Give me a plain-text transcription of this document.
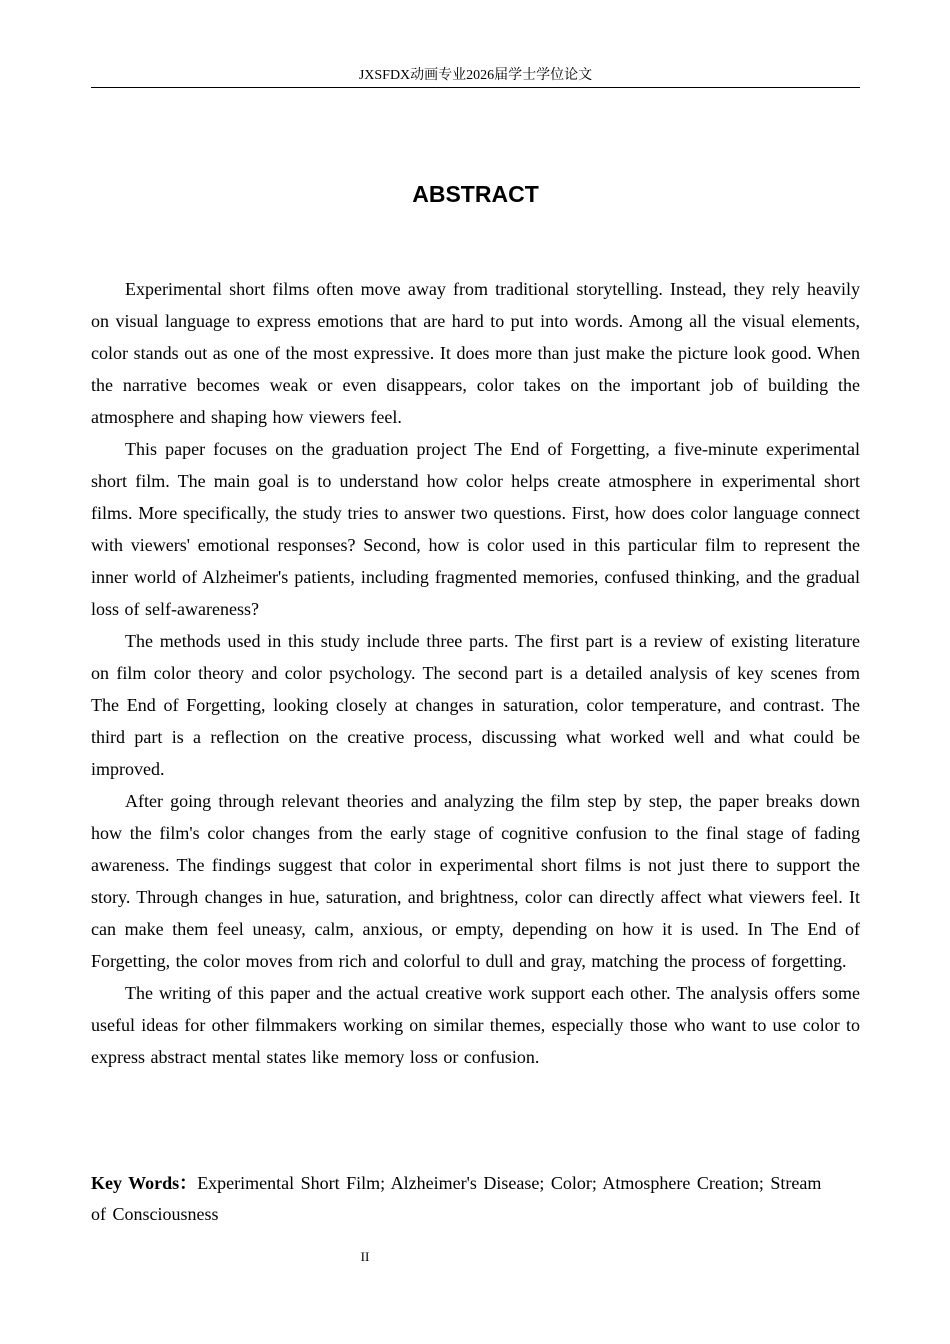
JXSFDX动画专业2026届学士学位论文
ABSTRACT

Experimental short films often move away from traditional storytelling. Instead, they rely heavily on visual language to express emotions that are hard to put into words. Among all the visual elements, color stands out as one of the most expressive. It does more than just make the picture look good. When the narrative becomes weak or even disappears, color takes on the important job of building the atmosphere and shaping how viewers feel.

This paper focuses on the graduation project The End of Forgetting, a five-minute experimental short film. The main goal is to understand how color helps create atmosphere in experimental short films. More specifically, the study tries to answer two questions. First, how does color language connect with viewers' emotional responses? Second, how is color used in this particular film to represent the inner world of Alzheimer's patients, including fragmented memories, confused thinking, and the gradual loss of self-awareness?

The methods used in this study include three parts. The first part is a review of existing literature on film color theory and color psychology. The second part is a detailed analysis of key scenes from The End of Forgetting, looking closely at changes in saturation, color temperature, and contrast. The third part is a reflection on the creative process, discussing what worked well and what could be improved.

After going through relevant theories and analyzing the film step by step, the paper breaks down how the film's color changes from the early stage of cognitive confusion to the final stage of fading awareness. The findings suggest that color in experimental short films is not just there to support the story. Through changes in hue, saturation, and brightness, color can directly affect what viewers feel. It can make them feel uneasy, calm, anxious, or empty, depending on how it is used. In The End of Forgetting, the color moves from rich and colorful to dull and gray, matching the process of forgetting.

The writing of this paper and the actual creative work support each other. The analysis offers some useful ideas for other filmmakers working on similar themes, especially those who want to use color to express abstract mental states like memory loss or confusion.

Key Words：Experimental Short Film; Alzheimer's Disease; Color; Atmosphere Creation; Stream of Consciousness

II
